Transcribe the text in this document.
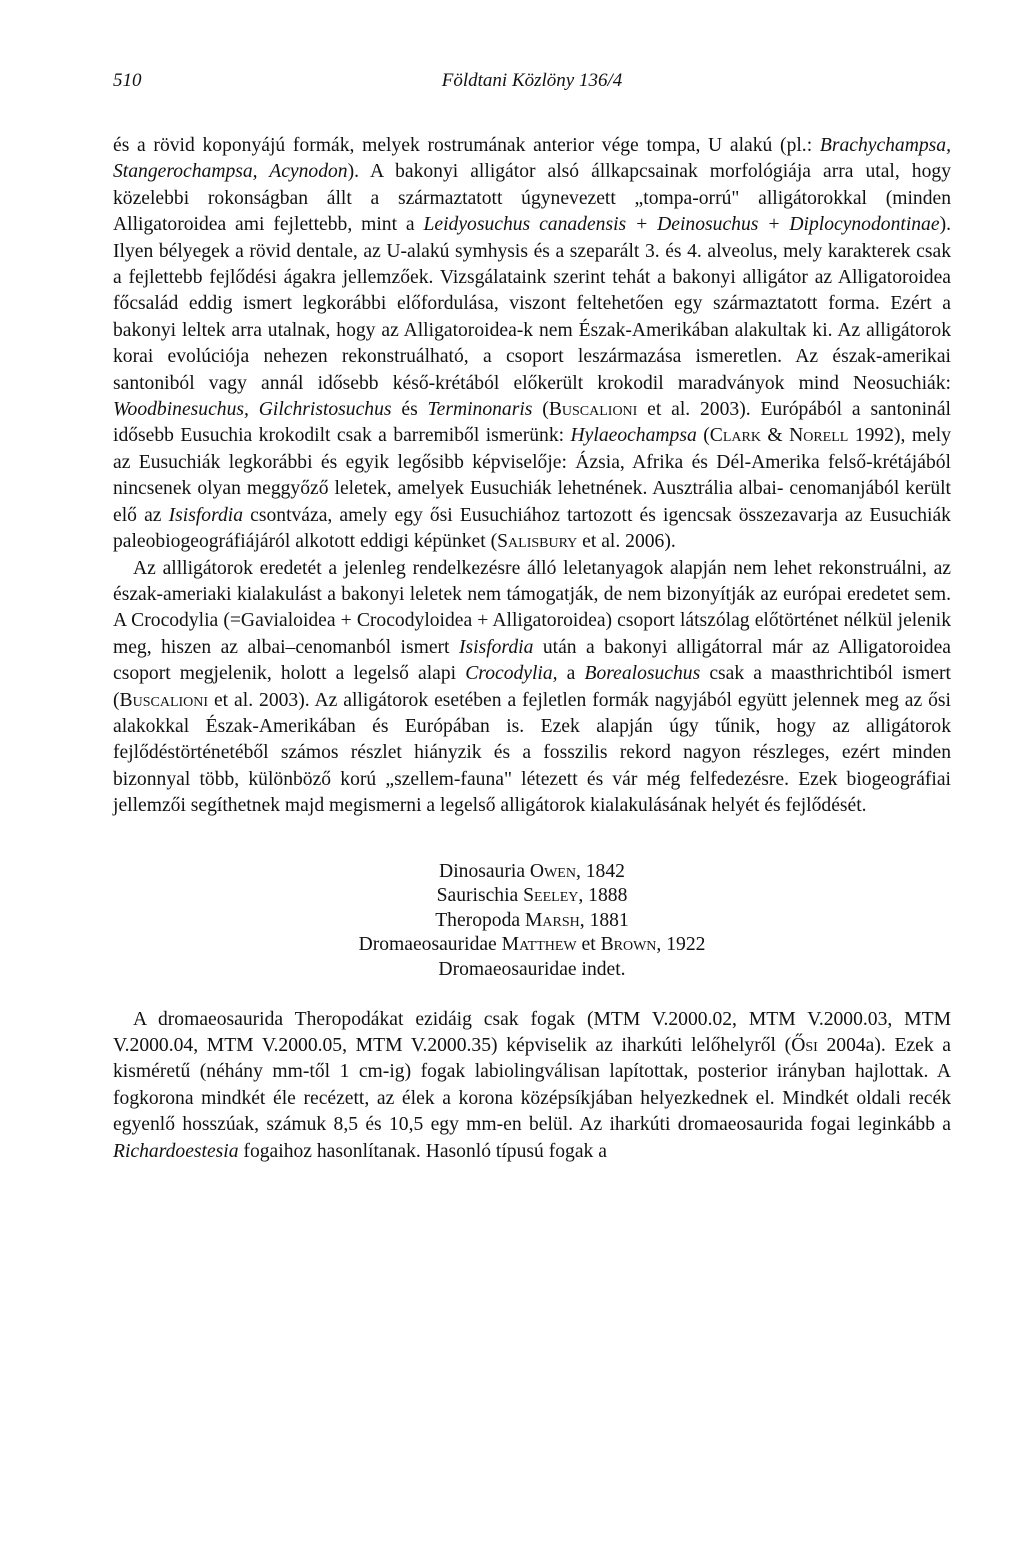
510	Földtani Közlöny 136/4

és a rövid koponyájú formák, melyek rostrumának anterior vége tompa, U alakú (pl.: Brachychampsa, Stangerochampsa, Acynodon). A bakonyi alligátor alsó állkapcsainak morfológiája arra utal, hogy közelebbi rokonságban állt a származtatott úgynevezett „tompa-orrú" alligátorokkal (minden Alligatoroidea ami fejlettebb, mint a Leidyosuchus canadensis + Deinosuchus + Diplocynodontinae). Ilyen bélyegek a rövid dentale, az U-alakú symhysis és a szeparált 3. és 4. alveolus, mely karakterek csak a fejlettebb fejlődési ágakra jellemzőek. Vizsgálataink szerint tehát a bakonyi alligátor az Alligatoroidea főcsalád eddig ismert legkorábbi előfordulása, viszont feltehetően egy származtatott forma. Ezért a bakonyi leltek arra utalnak, hogy az Alligatoroidea-k nem Észak-Amerikában alakultak ki. Az alligátorok korai evolúciója nehezen rekonstruálható, a csoport leszármazása ismeretlen. Az észak-amerikai santoniból vagy annál idősebb késő-krétából előkerült krokodil maradványok mind Neosuchiák: Woodbinesuchus, Gilchristosuchus és Terminonaris (Buscalioni et al. 2003). Európából a santoninál idősebb Eusuchia krokodilt csak a barremiből ismerünk: Hylaeochampsa (Clark & Norell 1992), mely az Eusuchiák legkorábbi és egyik legősibb képviselője: Ázsia, Afrika és Dél-Amerika felső-krétájából nincsenek olyan meggyőző leletek, amelyek Eusuchiák lehetnének. Ausztrália albai- cenomanjából került elő az Isisfordia csontváza, amely egy ősi Eusuchiához tartozott és igencsak összezavarja az Eusuchiák paleobiogeográfiájáról alkotott eddigi képünket (Salisbury et al. 2006).

Az allligátorok eredetét a jelenleg rendelkezésre álló leletanyagok alapján nem lehet rekonstruálni, az észak-ameriaki kialakulást a bakonyi leletek nem támogatják, de nem bizonyítják az európai eredetet sem. A Crocodylia (=Gavialoidea + Crocodyloidea + Alligatoroidea) csoport látszólag előtörténet nélkül jelenik meg, hiszen az albai–cenomanból ismert Isisfordia után a bakonyi alligátorral már az Alligatoroidea csoport megjelenik, holott a legelső alapi Crocodylia, a Borealosuchus csak a maasthrichtiból ismert (Buscalioni et al. 2003). Az alligátorok esetében a fejletlen formák nagyjából együtt jelennek meg az ősi alakokkal Észak-Amerikában és Európában is. Ezek alapján úgy tűnik, hogy az alligátorok fejlődéstörténetéből számos részlet hiányzik és a fosszilis rekord nagyon részleges, ezért minden bizonnyal több, különböző korú „szellem-fauna" létezett és vár még felfedezésre. Ezek biogeográfiai jellemzői segíthetnek majd megismerni a legelső alligátorok kialakulásának helyét és fejlődését.

Dinosauria Owen, 1842
Saurischia Seeley, 1888
Theropoda Marsh, 1881
Dromaeosauridae Matthew et Brown, 1922
Dromaeosauridae indet.

A dromaeosaurida Theropodákat ezidáig csak fogak (MTM V.2000.02, MTM V.2000.03, MTM V.2000.04, MTM V.2000.05, MTM V.2000.35) képviselik az iharkúti lelőhelyről (Ősi 2004a). Ezek a kisméretű (néhány mm-től 1 cm-ig) fogak labiolingválisan lapítottak, posterior irányban hajlottak. A fogkorona mindkét éle recézett, az élek a korona középsíkjában helyezkednek el. Mindkét oldali recék egyenlő hosszúak, számuk 8,5 és 10,5 egy mm-en belül. Az iharkúti dromaeosaurida fogai leginkább a Richardoestesia fogaihoz hasonlítanak. Hasonló típusú fogak a
